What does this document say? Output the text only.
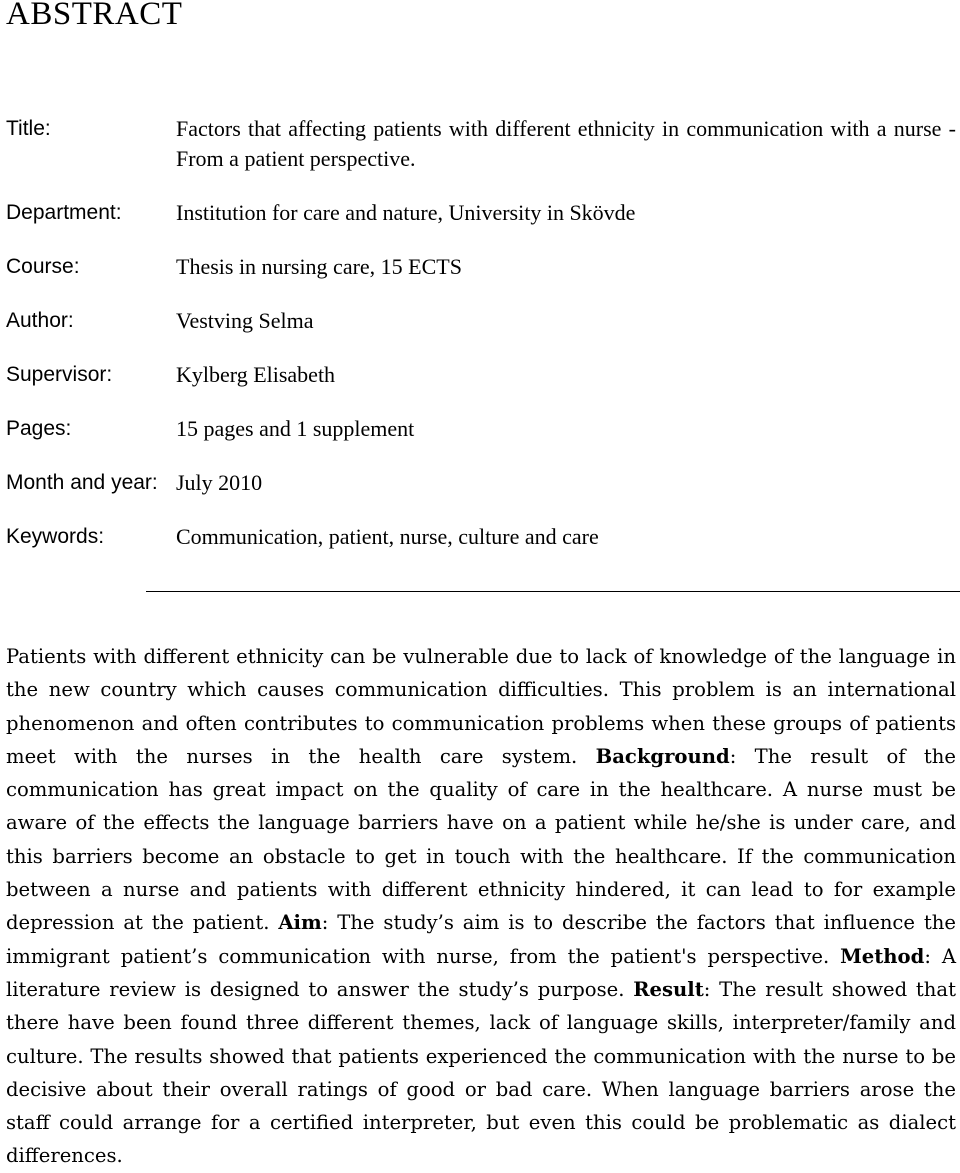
ABSTRACT
Title:	Factors that affecting patients with different ethnicity in communication with a nurse - From a patient perspective.
Department:	Institution for care and nature, University in Skövde
Course:	Thesis in nursing care, 15 ECTS
Author:	Vestving Selma
Supervisor:	Kylberg Elisabeth
Pages:	15 pages and 1 supplement
Month and year: July 2010
Keywords:	Communication, patient, nurse, culture and care

Patients with different ethnicity can be vulnerable due to lack of knowledge of the language in the new country which causes communication difficulties. This problem is an international phenomenon and often contributes to communication problems when these groups of patients meet with the nurses in the health care system. Background: The result of the communication has great impact on the quality of care in the healthcare. A nurse must be aware of the effects the language barriers have on a patient while he/she is under care, and this barriers become an obstacle to get in touch with the healthcare. If the communication between a nurse and patients with different ethnicity hindered, it can lead to for example depression at the patient. Aim: The study’s aim is to describe the factors that influence the immigrant patient’s communication with nurse, from the patient's perspective. Method: A literature review is designed to answer the study’s purpose. Result: The result showed that there have been found three different themes, lack of language skills, interpreter/family and culture. The results showed that patients experienced the communication with the nurse to be decisive about their overall ratings of good or bad care. When language barriers arose the staff could arrange for a certified interpreter, but even this could be problematic as dialect differences.
